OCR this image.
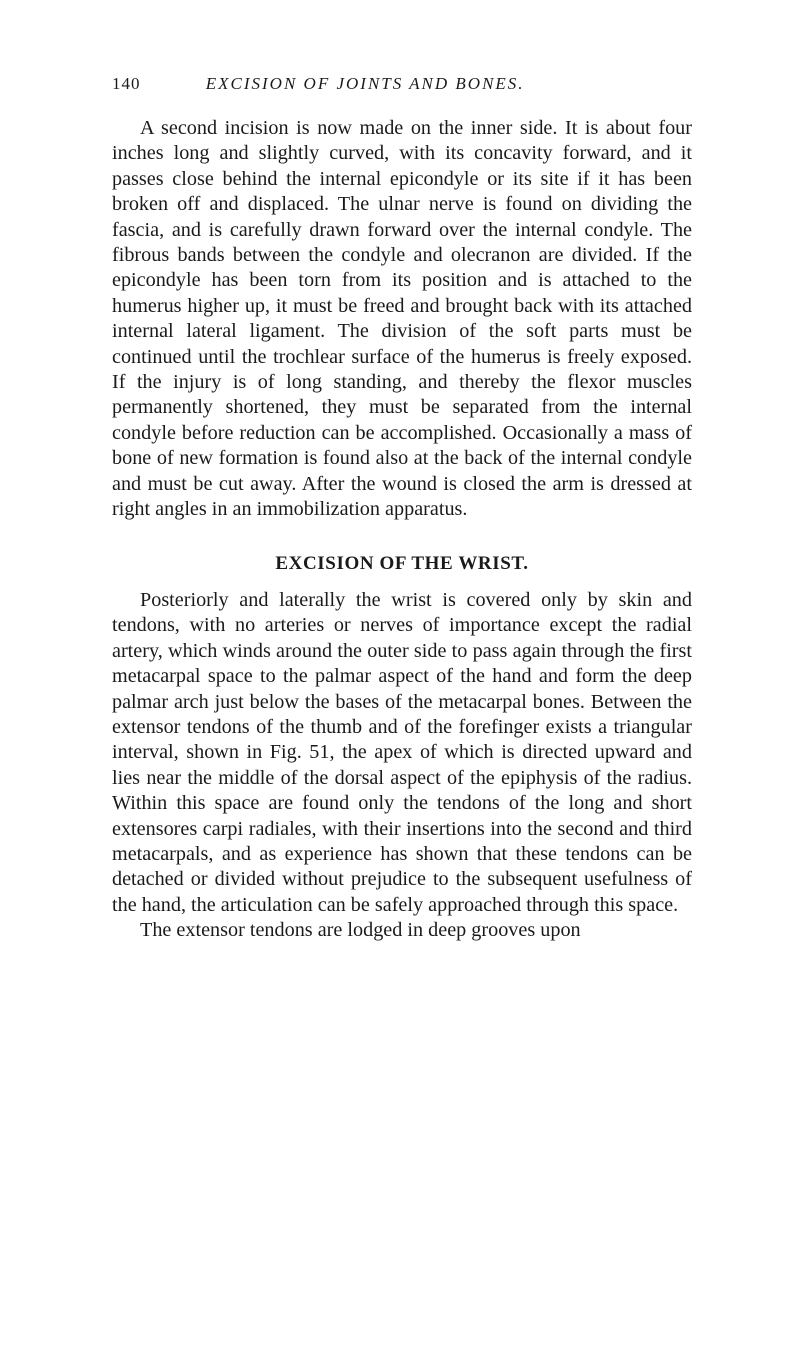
140	EXCISION OF JOINTS AND BONES.

A second incision is now made on the inner side. It is about four inches long and slightly curved, with its concavity forward, and it passes close behind the internal epicondyle or its site if it has been broken off and displaced. The ulnar nerve is found on dividing the fascia, and is carefully drawn forward over the internal condyle. The fibrous bands between the condyle and olecranon are divided. If the epicondyle has been torn from its position and is attached to the humerus higher up, it must be freed and brought back with its attached internal lateral ligament. The division of the soft parts must be continued until the trochlear surface of the humerus is freely exposed. If the injury is of long standing, and thereby the flexor muscles permanently shortened, they must be separated from the internal condyle before reduction can be accomplished. Occasionally a mass of bone of new formation is found also at the back of the internal condyle and must be cut away. After the wound is closed the arm is dressed at right angles in an immobilization apparatus.

EXCISION OF THE WRIST.

Posteriorly and laterally the wrist is covered only by skin and tendons, with no arteries or nerves of importance except the radial artery, which winds around the outer side to pass again through the first metacarpal space to the palmar aspect of the hand and form the deep palmar arch just below the bases of the metacarpal bones. Between the extensor tendons of the thumb and of the forefinger exists a triangular interval, shown in Fig. 51, the apex of which is directed upward and lies near the middle of the dorsal aspect of the epiphysis of the radius. Within this space are found only the tendons of the long and short extensores carpi radiales, with their insertions into the second and third metacarpals, and as experience has shown that these tendons can be detached or divided without prejudice to the subsequent usefulness of the hand, the articulation can be safely approached through this space.

The extensor tendons are lodged in deep grooves upon
